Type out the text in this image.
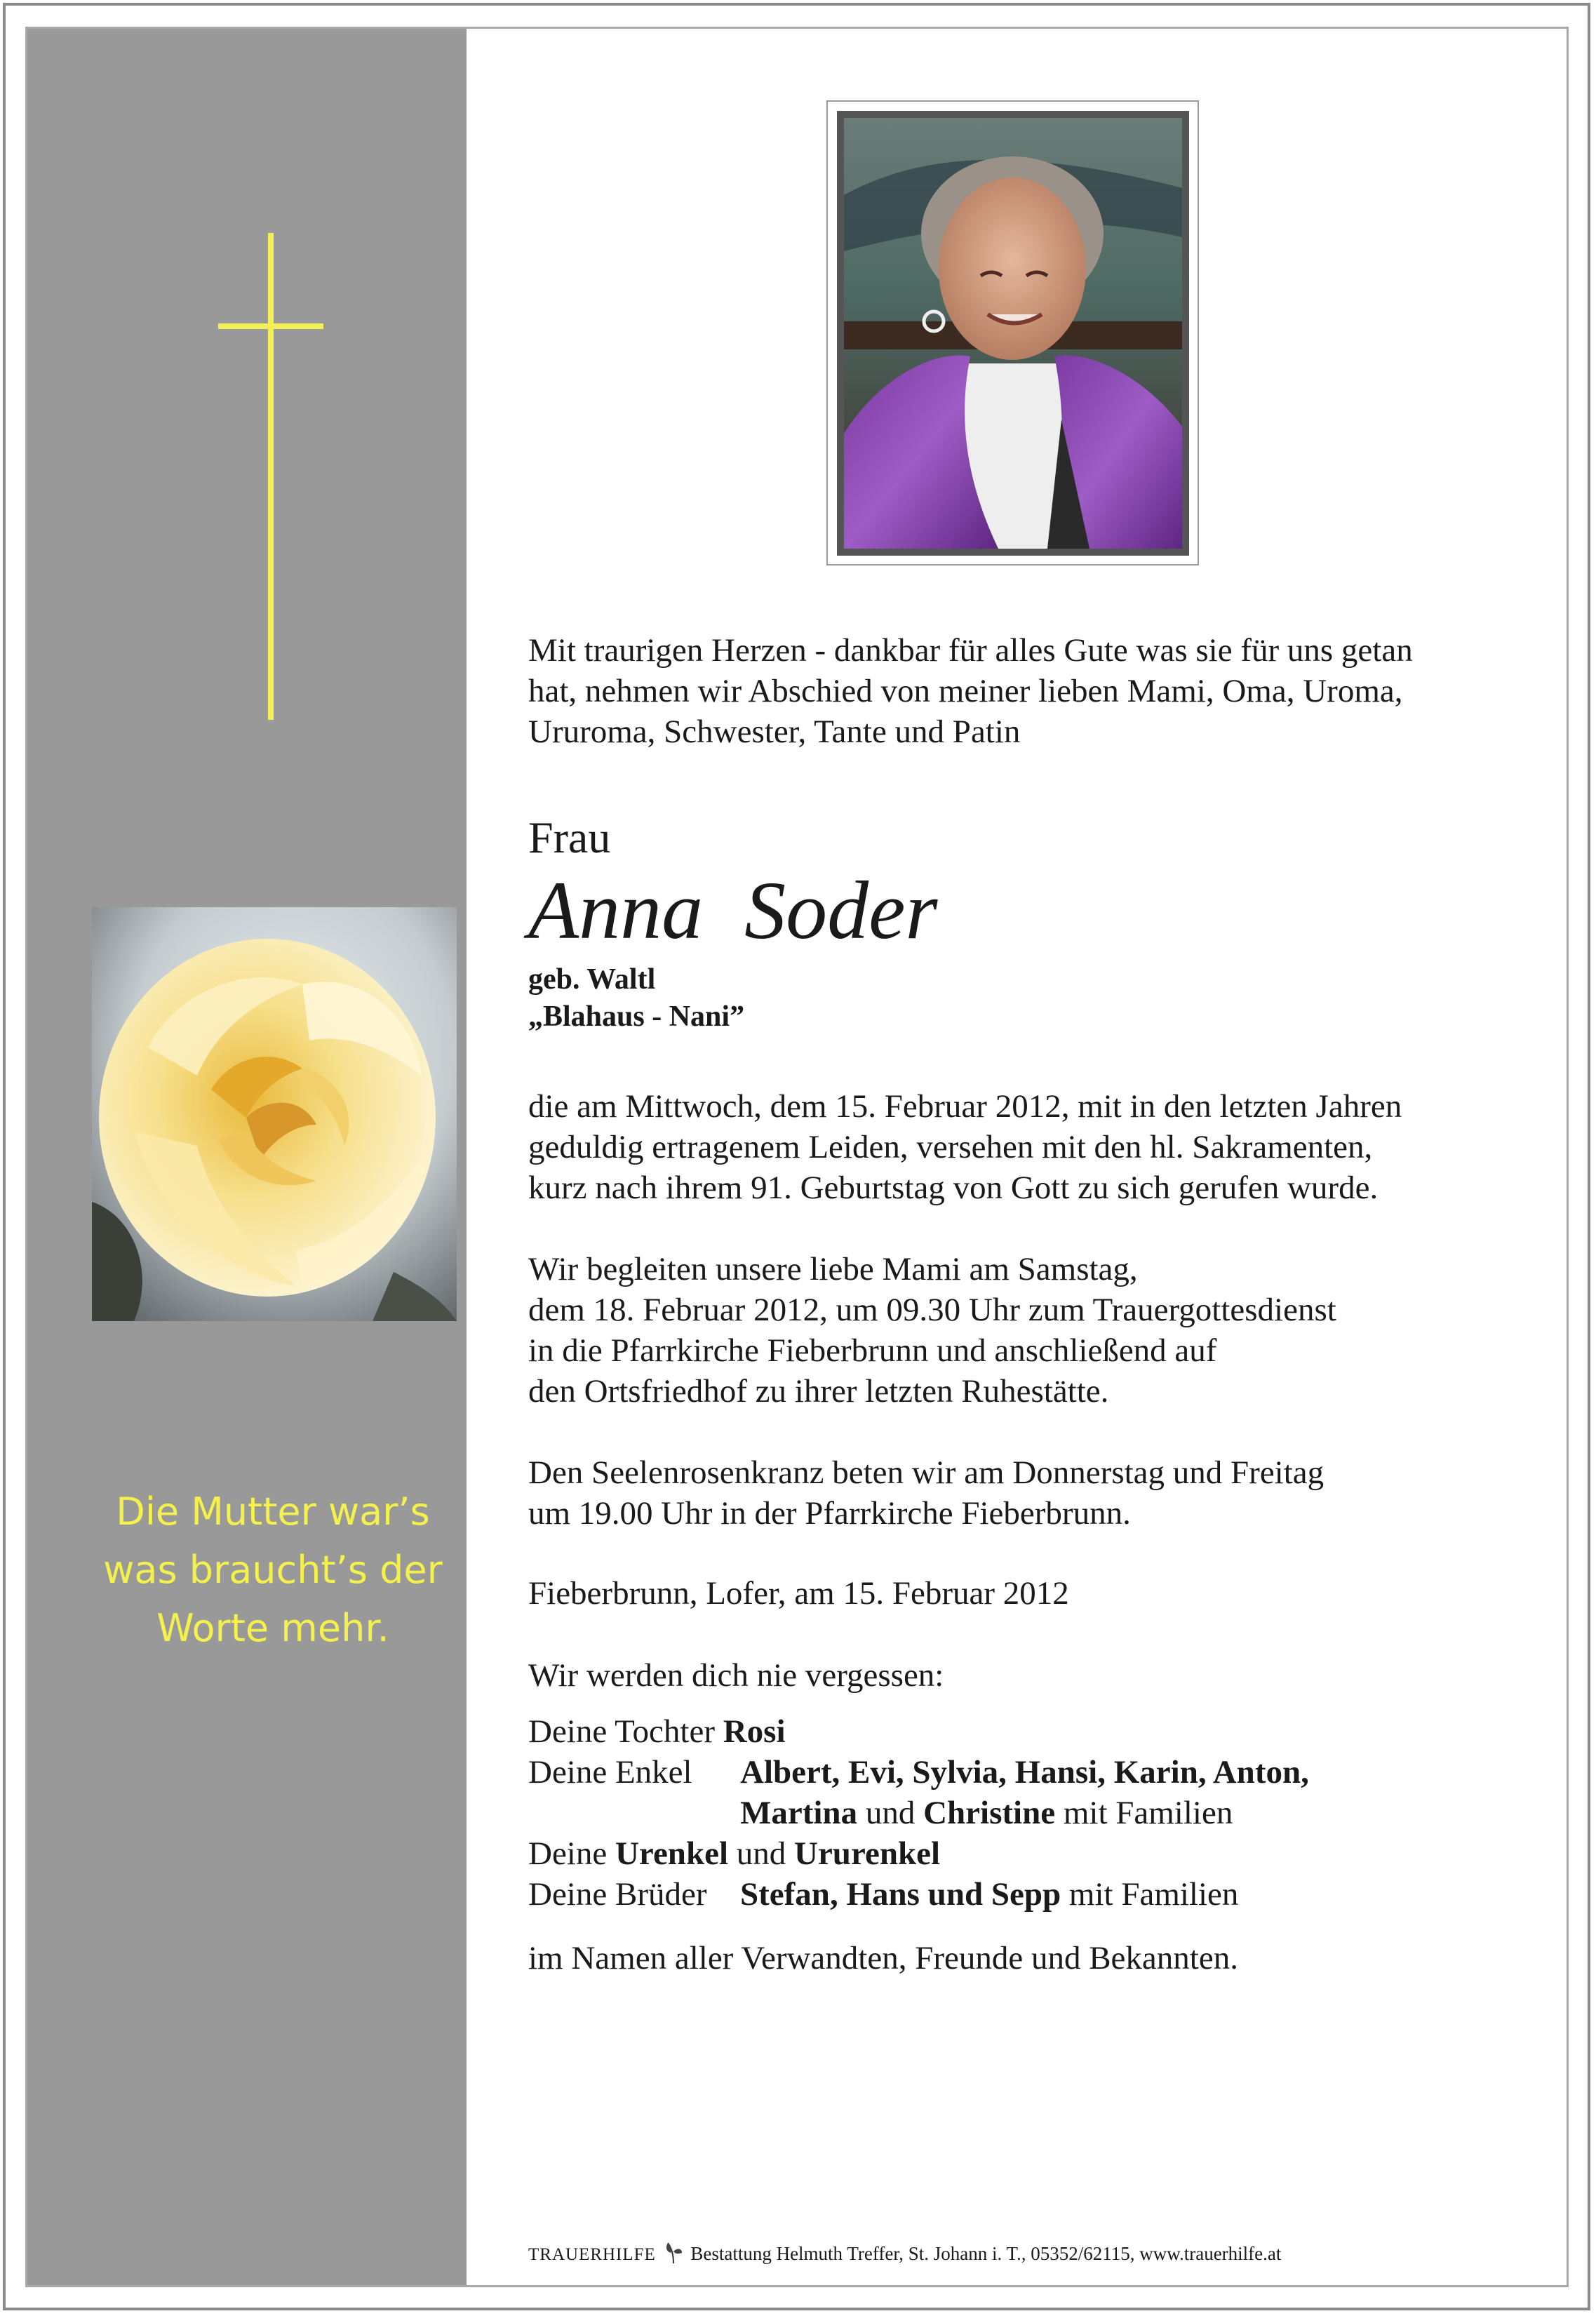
Die Mutter war’s
was braucht’s der
Worte mehr.
Mit traurigen Herzen - dankbar für alles Gute was sie für uns getan
hat, nehmen wir Abschied von meiner lieben Mami, Oma, Uroma,
Ururoma, Schwester, Tante und Patin
Frau
Anna  Soder
geb. Waltl
„Blahaus - Nani”
die am Mittwoch, dem 15. Februar 2012, mit in den letzten Jahren
geduldig ertragenem Leiden, versehen mit den hl. Sakramenten,
kurz nach ihrem 91. Geburtstag von Gott zu sich gerufen wurde.
Wir begleiten unsere liebe Mami am Samstag,
dem 18. Februar 2012, um 09.30 Uhr zum Trauergottesdienst
in die Pfarrkirche Fieberbrunn und anschließend auf
den Ortsfriedhof zu ihrer letzten Ruhestätte.
Den Seelenrosenkranz beten wir am Donnerstag und Freitag
um 19.00 Uhr in der Pfarrkirche Fieberbrunn.
Fieberbrunn, Lofer, am 15. Februar 2012
Wir werden dich nie vergessen:
Deine Tochter Rosi
Deine Enkel Albert, Evi, Sylvia, Hansi, Karin, Anton,
Martina und Christine mit Familien
Deine Urenkel und Ururenkel
Deine Brüder Stefan, Hans und Sepp mit Familien
im Namen aller Verwandten, Freunde und Bekannten.
TRAUERHILFE Bestattung Helmuth Treffer, St. Johann i. T., 05352/62115, www.trauerhilfe.at
